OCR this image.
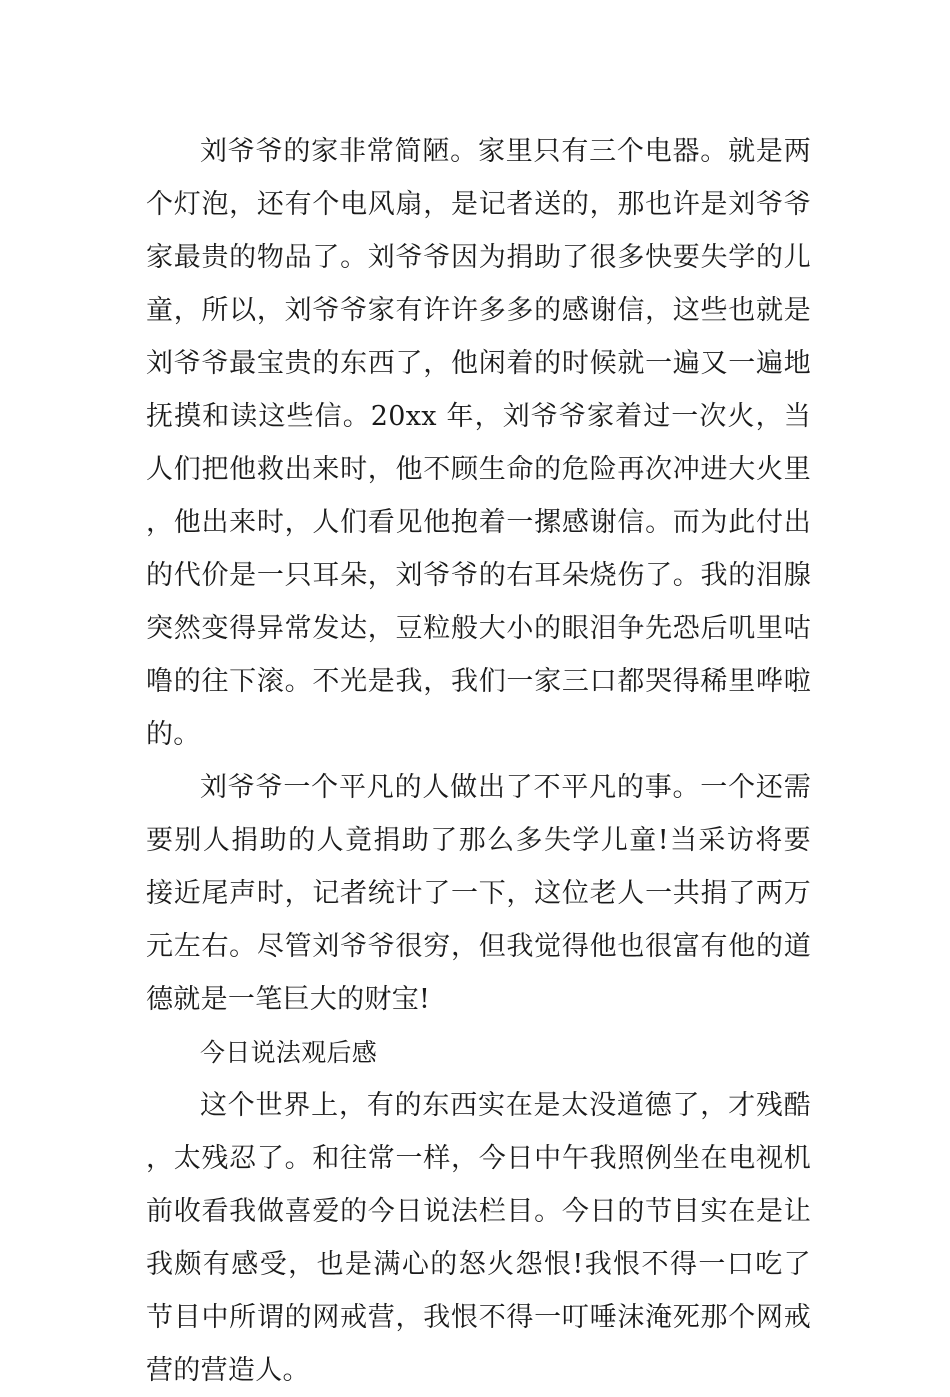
刘爷爷的家非常简陋。家里只有三个电器。就是两个灯泡，还有个电风扇，是记者送的，那也许是刘爷爷家最贵的物品了。刘爷爷因为捐助了很多快要失学的儿童，所以，刘爷爷家有许许多多的感谢信，这些也就是刘爷爷最宝贵的东西了，他闲着的时候就一遍又一遍地抚摸和读这些信。20xx 年，刘爷爷家着过一次火，当人们把他救出来时，他不顾生命的危险再次冲进大火里，他出来时，人们看见他抱着一摞感谢信。而为此付出的代价是一只耳朵，刘爷爷的右耳朵烧伤了。我的泪腺突然变得异常发达，豆粒般大小的眼泪争先恐后叽里咕噜的往下滚。不光是我，我们一家三口都哭得稀里哗啦的。

刘爷爷一个平凡的人做出了不平凡的事。一个还需要别人捐助的人竟捐助了那么多失学儿童!当采访将要接近尾声时，记者统计了一下，这位老人一共捐了两万元左右。尽管刘爷爷很穷，但我觉得他也很富有他的道德就是一笔巨大的财宝!

今日说法观后感

这个世界上，有的东西实在是太没道德了，才残酷，太残忍了。和往常一样，今日中午我照例坐在电视机前收看我做喜爱的今日说法栏目。今日的节目实在是让我颇有感受，也是满心的怒火怨恨!我恨不得一口吃了节目中所谓的网戒营，我恨不得一叮唾沫淹死那个网戒营的营造人。
